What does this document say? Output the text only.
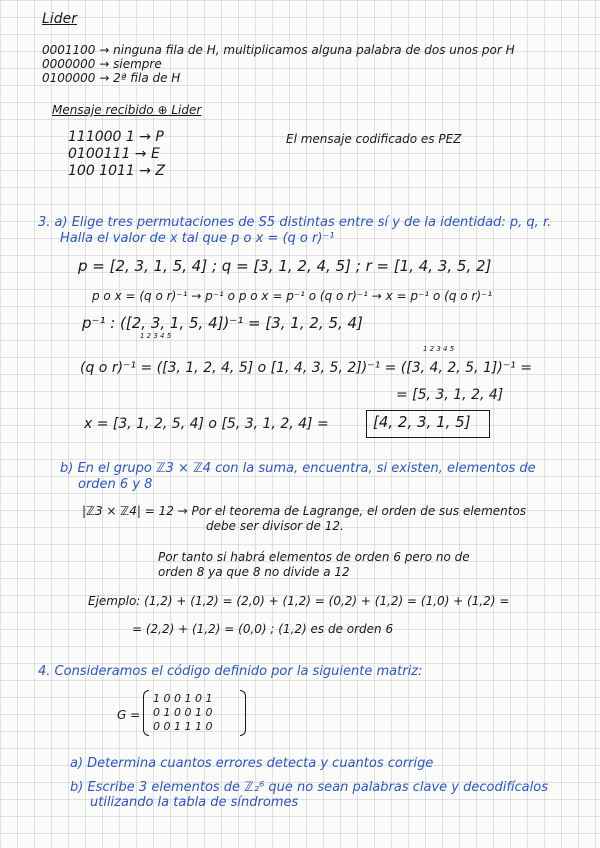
Lider
0001100 → ninguna fila de H, multiplicamos alguna palabra de dos unos por H
0000000 → siempre
0100000 → 2ª fila de H
Mensaje recibido ⊕ Lider
111000 1 → P
0100111 → E
100 1011 → Z
El mensaje codificado es PEZ
3. a) Elige tres permutaciones de S5 distintas entre sí y de la identidad: p, q, r.
Halla el valor de x tal que p o x = (q o r)⁻¹
p = [2, 3, 1, 5, 4] ; q = [3, 1, 2, 4, 5] ; r = [1, 4, 3, 5, 2]
p o x = (q o r)⁻¹ → p⁻¹ o p o x = p⁻¹ o (q o r)⁻¹ → x = p⁻¹ o (q o r)⁻¹
p⁻¹ : ([2, 3, 1, 5, 4])⁻¹ = [3, 1, 2, 5, 4]
1 2 3 4 5
1 2 3 4 5
(q o r)⁻¹ = ([3, 1, 2, 4, 5] o [1, 4, 3, 5, 2])⁻¹ = ([3, 4, 2, 5, 1])⁻¹ =
= [5, 3, 1, 2, 4]
x = [3, 1, 2, 5, 4] o [5, 3, 1, 2, 4] =	[4, 2, 3, 1, 5]
b) En el grupo ℤ3 × ℤ4 con la suma, encuentra, si existen, elementos de
orden 6 y 8
|ℤ3 × ℤ4| = 12 → Por el teorema de Lagrange, el orden de sus elementos
debe ser divisor de 12.
Por tanto si habrá elementos de orden 6 pero no de
orden 8 ya que 8 no divide a 12
Ejemplo: (1,2) + (1,2) = (2,0) + (1,2) = (0,2) + (1,2) = (1,0) + (1,2) =
= (2,2) + (1,2) = (0,0) ; (1,2) es de orden 6
4. Consideramos el código definido por la siguiente matriz:
G =
1 0 0 1 0 1
0 1 0 0 1 0
0 0 1 1 1 0
a) Determina cuantos errores detecta y cuantos corrige
b) Escribe 3 elementos de ℤ₂⁶ que no sean palabras clave y decodifícalos
utilizando la tabla de síndromes
